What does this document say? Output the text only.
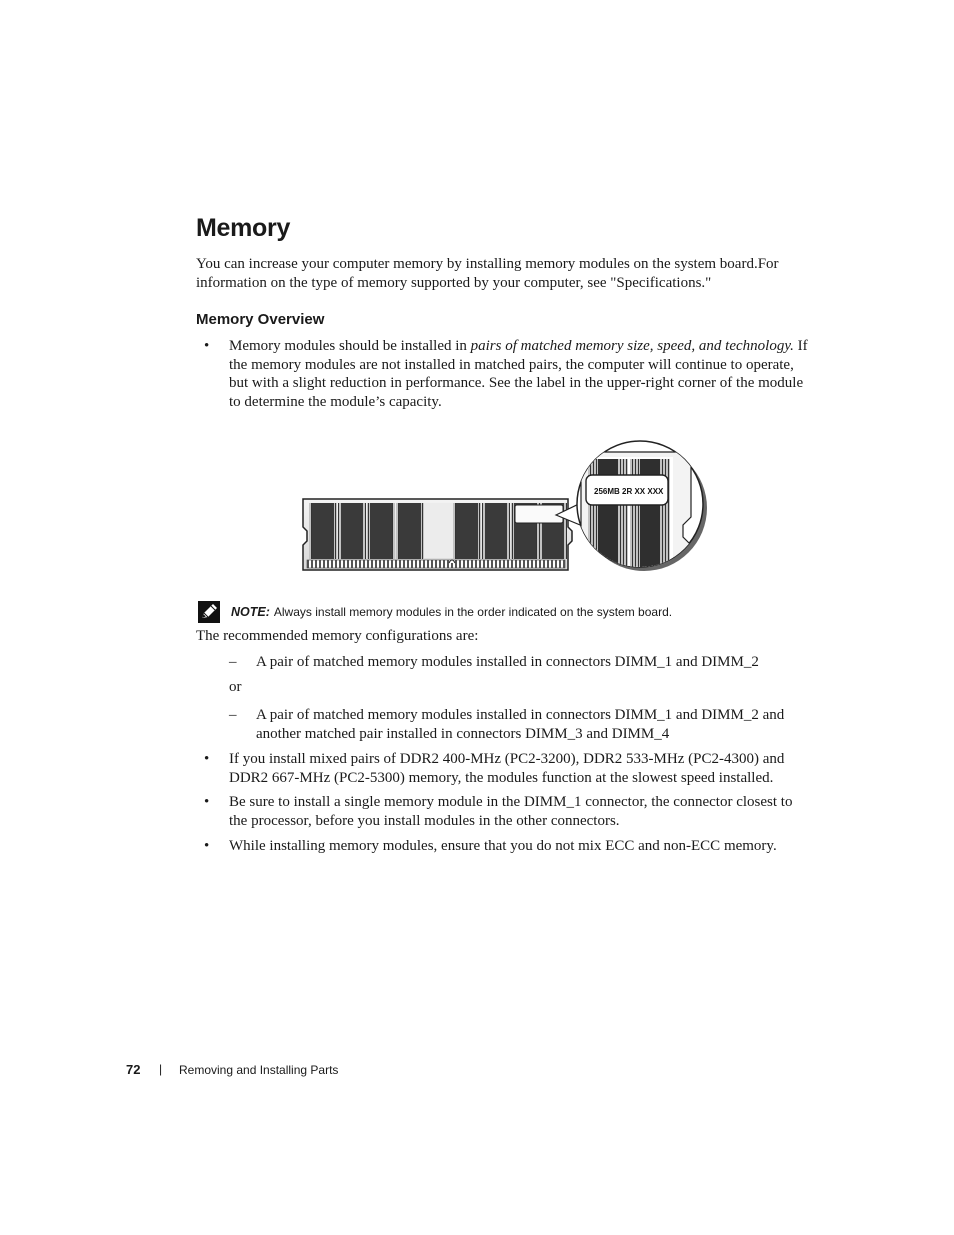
Memory

You can increase your computer memory by installing memory modules on the system board.For information on the type of memory supported by your computer, see "Specifications."

Memory Overview

• Memory modules should be installed in pairs of matched memory size, speed, and technology. If the memory modules are not installed in matched pairs, the computer will continue to operate, but with a slight reduction in performance. See the label in the upper-right corner of the module to determine the module’s capacity.

256MB 2R XX XXX
NOTE: Always install memory modules in the order indicated on the system board.

The recommended memory configurations are:

– A pair of matched memory modules installed in connectors DIMM_1 and DIMM_2

or

– A pair of matched memory modules installed in connectors DIMM_1 and DIMM_2 and another matched pair installed in connectors DIMM_3 and DIMM_4

• If you install mixed pairs of DDR2 400-MHz (PC2-3200), DDR2 533-MHz (PC2-4300) and DDR2 667-MHz (PC2-5300) memory, the modules function at the slowest speed installed.

• Be sure to install a single memory module in the DIMM_1 connector, the connector closest to the processor, before you install modules in the other connectors.

• While installing memory modules, ensure that you do not mix ECC and non-ECC memory.

72 | Removing and Installing Parts
